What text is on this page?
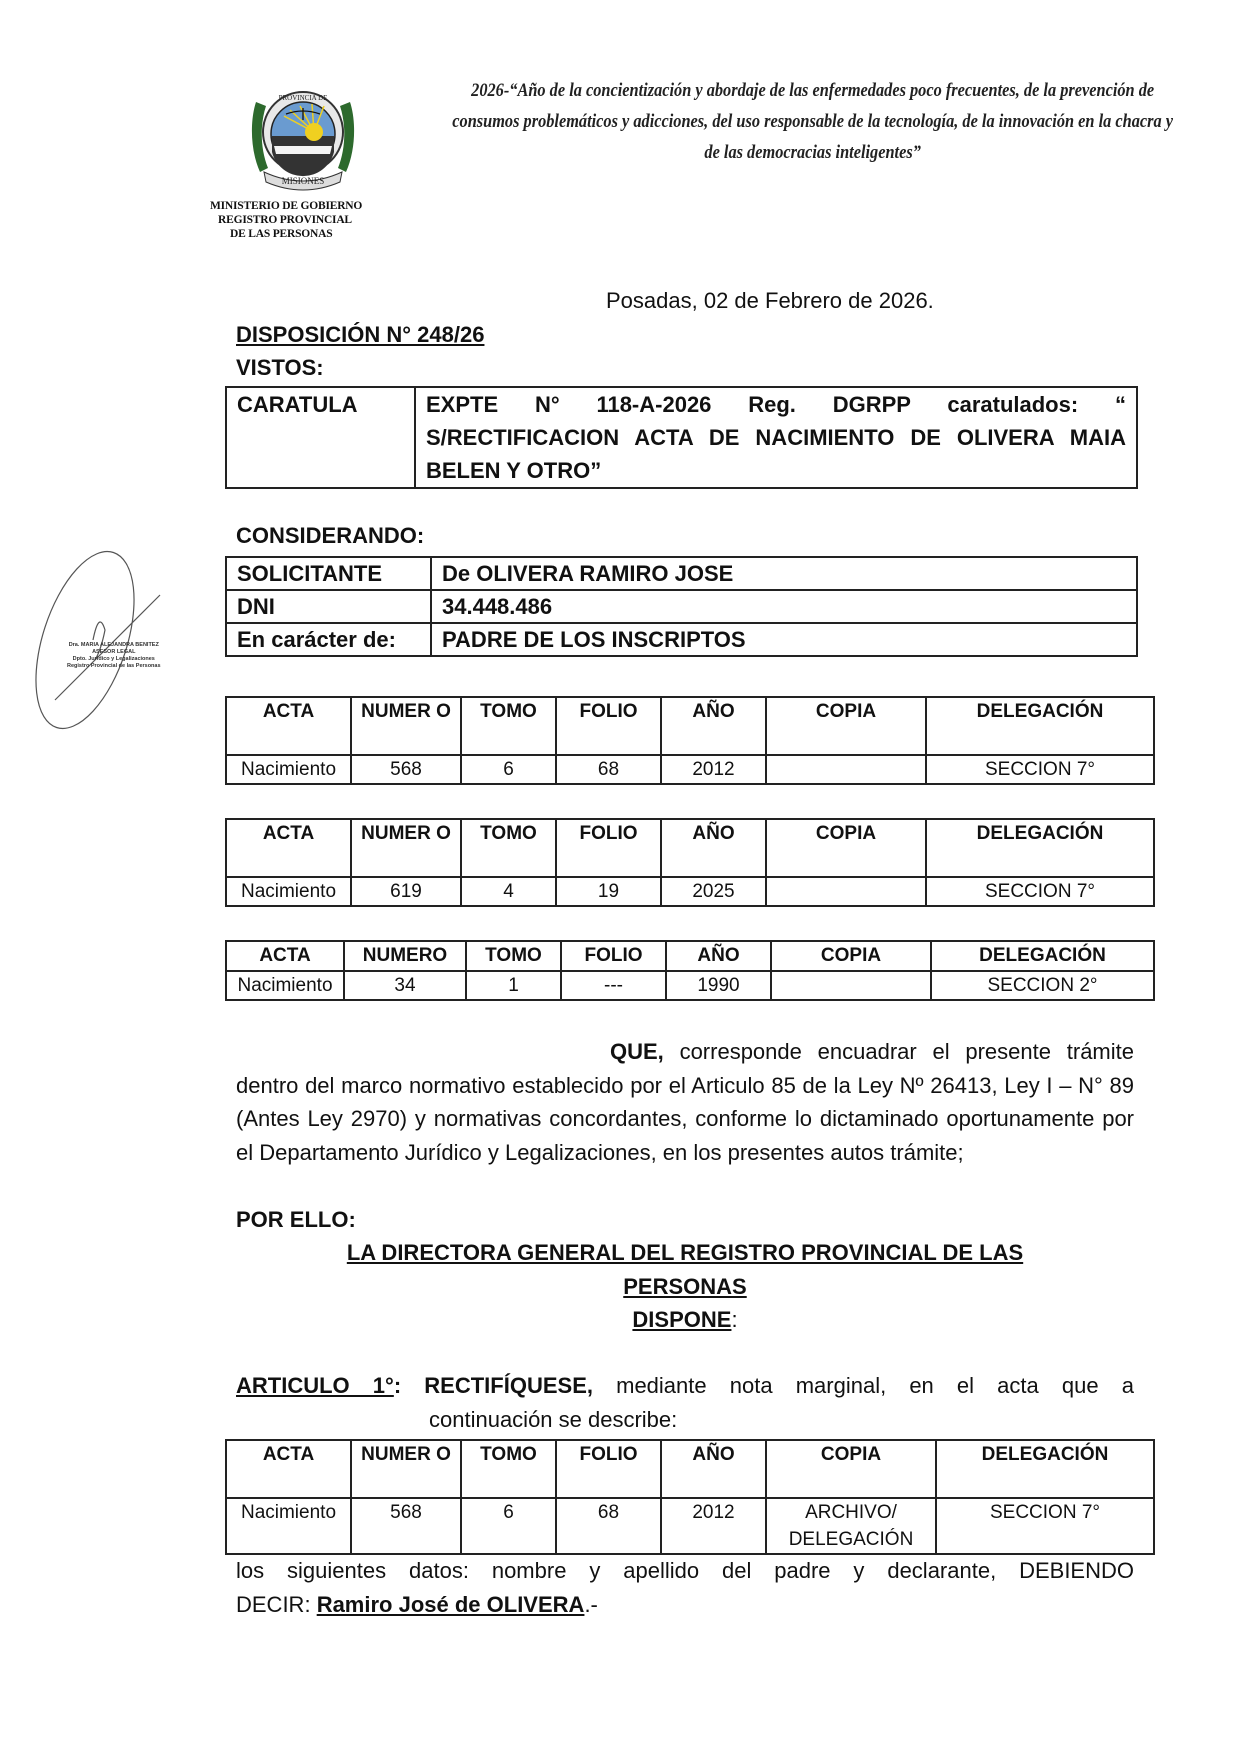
MISIONES
PROVINCIA DE
MINISTERIO DE GOBIERNO
REGISTRO PROVINCIAL
DE LAS PERSONAS
2026-“Año de la concientización y abordaje de las enfermedades poco frecuentes, de la prevención de consumos problemáticos y adicciones, del uso responsable de la tecnología, de la innovación en la chacra y de las democracias inteligentes”
Dra. MARIA ALEJANDRA BENITEZ
ASESOR LEGAL
Dpto. Jurídico y Legalizaciones
Registro Provincial de las Personas
Posadas, 02 de Febrero de 2026.
DISPOSICIÓN N° 248/26
VISTOS:
CARATULA	EXPTE N° 118-A-2026 Reg. DGRPP caratulados: “ S/RECTIFICACION ACTA DE NACIMIENTO DE OLIVERA MAIA BELEN Y OTRO”
CONSIDERANDO:
SOLICITANTE	De OLIVERA RAMIRO JOSE
DNI	34.448.486
En carácter de:	PADRE DE LOS INSCRIPTOS
ACTA	NUMER O	TOMO	FOLIO	AÑO	COPIA	DELEGACIÓN
Nacimiento	568	6	68	2012		SECCION 7°
ACTA	NUMER O	TOMO	FOLIO	AÑO	COPIA	DELEGACIÓN
Nacimiento	619	4	19	2025		SECCION 7°
ACTA	NUMERO	TOMO	FOLIO	AÑO	COPIA	DELEGACIÓN
Nacimiento	34	1	---	1990		SECCION 2°
QUE, corresponde encuadrar el presente trámite dentro del marco normativo establecido por el Articulo 85 de la Ley Nº 26413, Ley I – N° 89 (Antes Ley 2970) y normativas concordantes, conforme lo dictaminado oportunamente por el Departamento Jurídico y Legalizaciones, en los presentes autos trámite;
POR ELLO:
LA DIRECTORA GENERAL DEL REGISTRO PROVINCIAL DE LAS
PERSONAS
DISPONE:
ARTICULO 1°: RECTIFÍQUESE, mediante nota marginal, en el acta que a
continuación se describe:
ACTA	NUMER O	TOMO	FOLIO	AÑO	COPIA	DELEGACIÓN
Nacimiento	568	6	68	2012	ARCHIVO/ DELEGACIÓN	SECCION 7°
los siguientes datos: nombre y apellido del padre y declarante, DEBIENDO
DECIR: Ramiro José de OLIVERA.-
